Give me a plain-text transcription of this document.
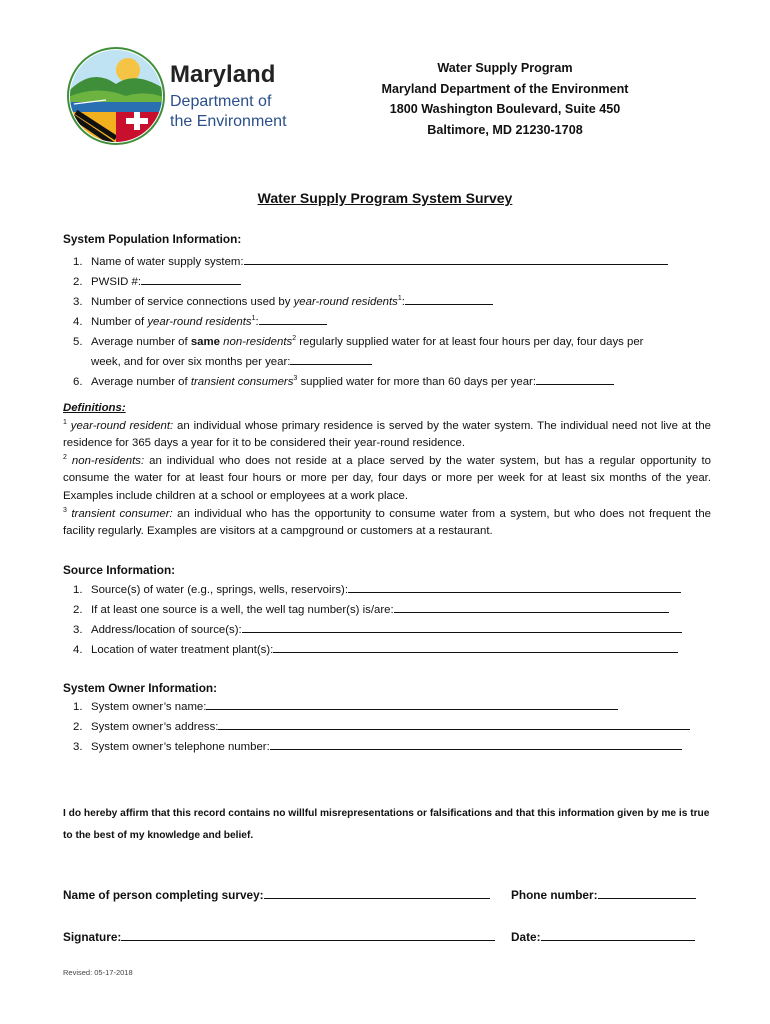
Maryland
Department of
the Environment
Water Supply Program
Maryland Department of the Environment
1800 Washington Boulevard, Suite 450
Baltimore, MD 21230-1708
Water Supply Program System Survey
System Population Information:
1. Name of water supply system:
2. PWSID #:
3. Number of service connections used by year-round residents$^1$:
4. Number of year-round residents$^1$:
5. Average number of same non-residents$^2$ regularly supplied water for at least four hours per day, four days per
week, and for over six months per year:
6. Average number of transient consumers$^3$ supplied water for more than 60 days per year:
Definitions:
$^1$ year-round resident: an individual whose primary residence is served by the water system. The individual need not live at the residence for 365 days a year for it to be considered their year-round residence.
$^2$ non-residents: an individual who does not reside at a place served by the water system, but has a regular opportunity to consume the water for at least four hours or more per day, four days or more per week for at least six months of the year. Examples include children at a school or employees at a work place.
$^3$ transient consumer: an individual who has the opportunity to consume water from a system, but who does not frequent the facility regularly. Examples are visitors at a campground or customers at a restaurant.
Source Information:
1. Source(s) of water (e.g., springs, wells, reservoirs):
2. If at least one source is a well, the well tag number(s) is/are:
3. Address/location of source(s):
4. Location of water treatment plant(s):
System Owner Information:
1. System owner’s name:
2. System owner’s address:
3. System owner’s telephone number:
I do hereby affirm that this record contains no willful misrepresentations or falsifications and that this information given by me is true to the best of my knowledge and belief.
Name of person completing survey:	Phone number:
Signature:	Date:
Revised: 05-17-2018
